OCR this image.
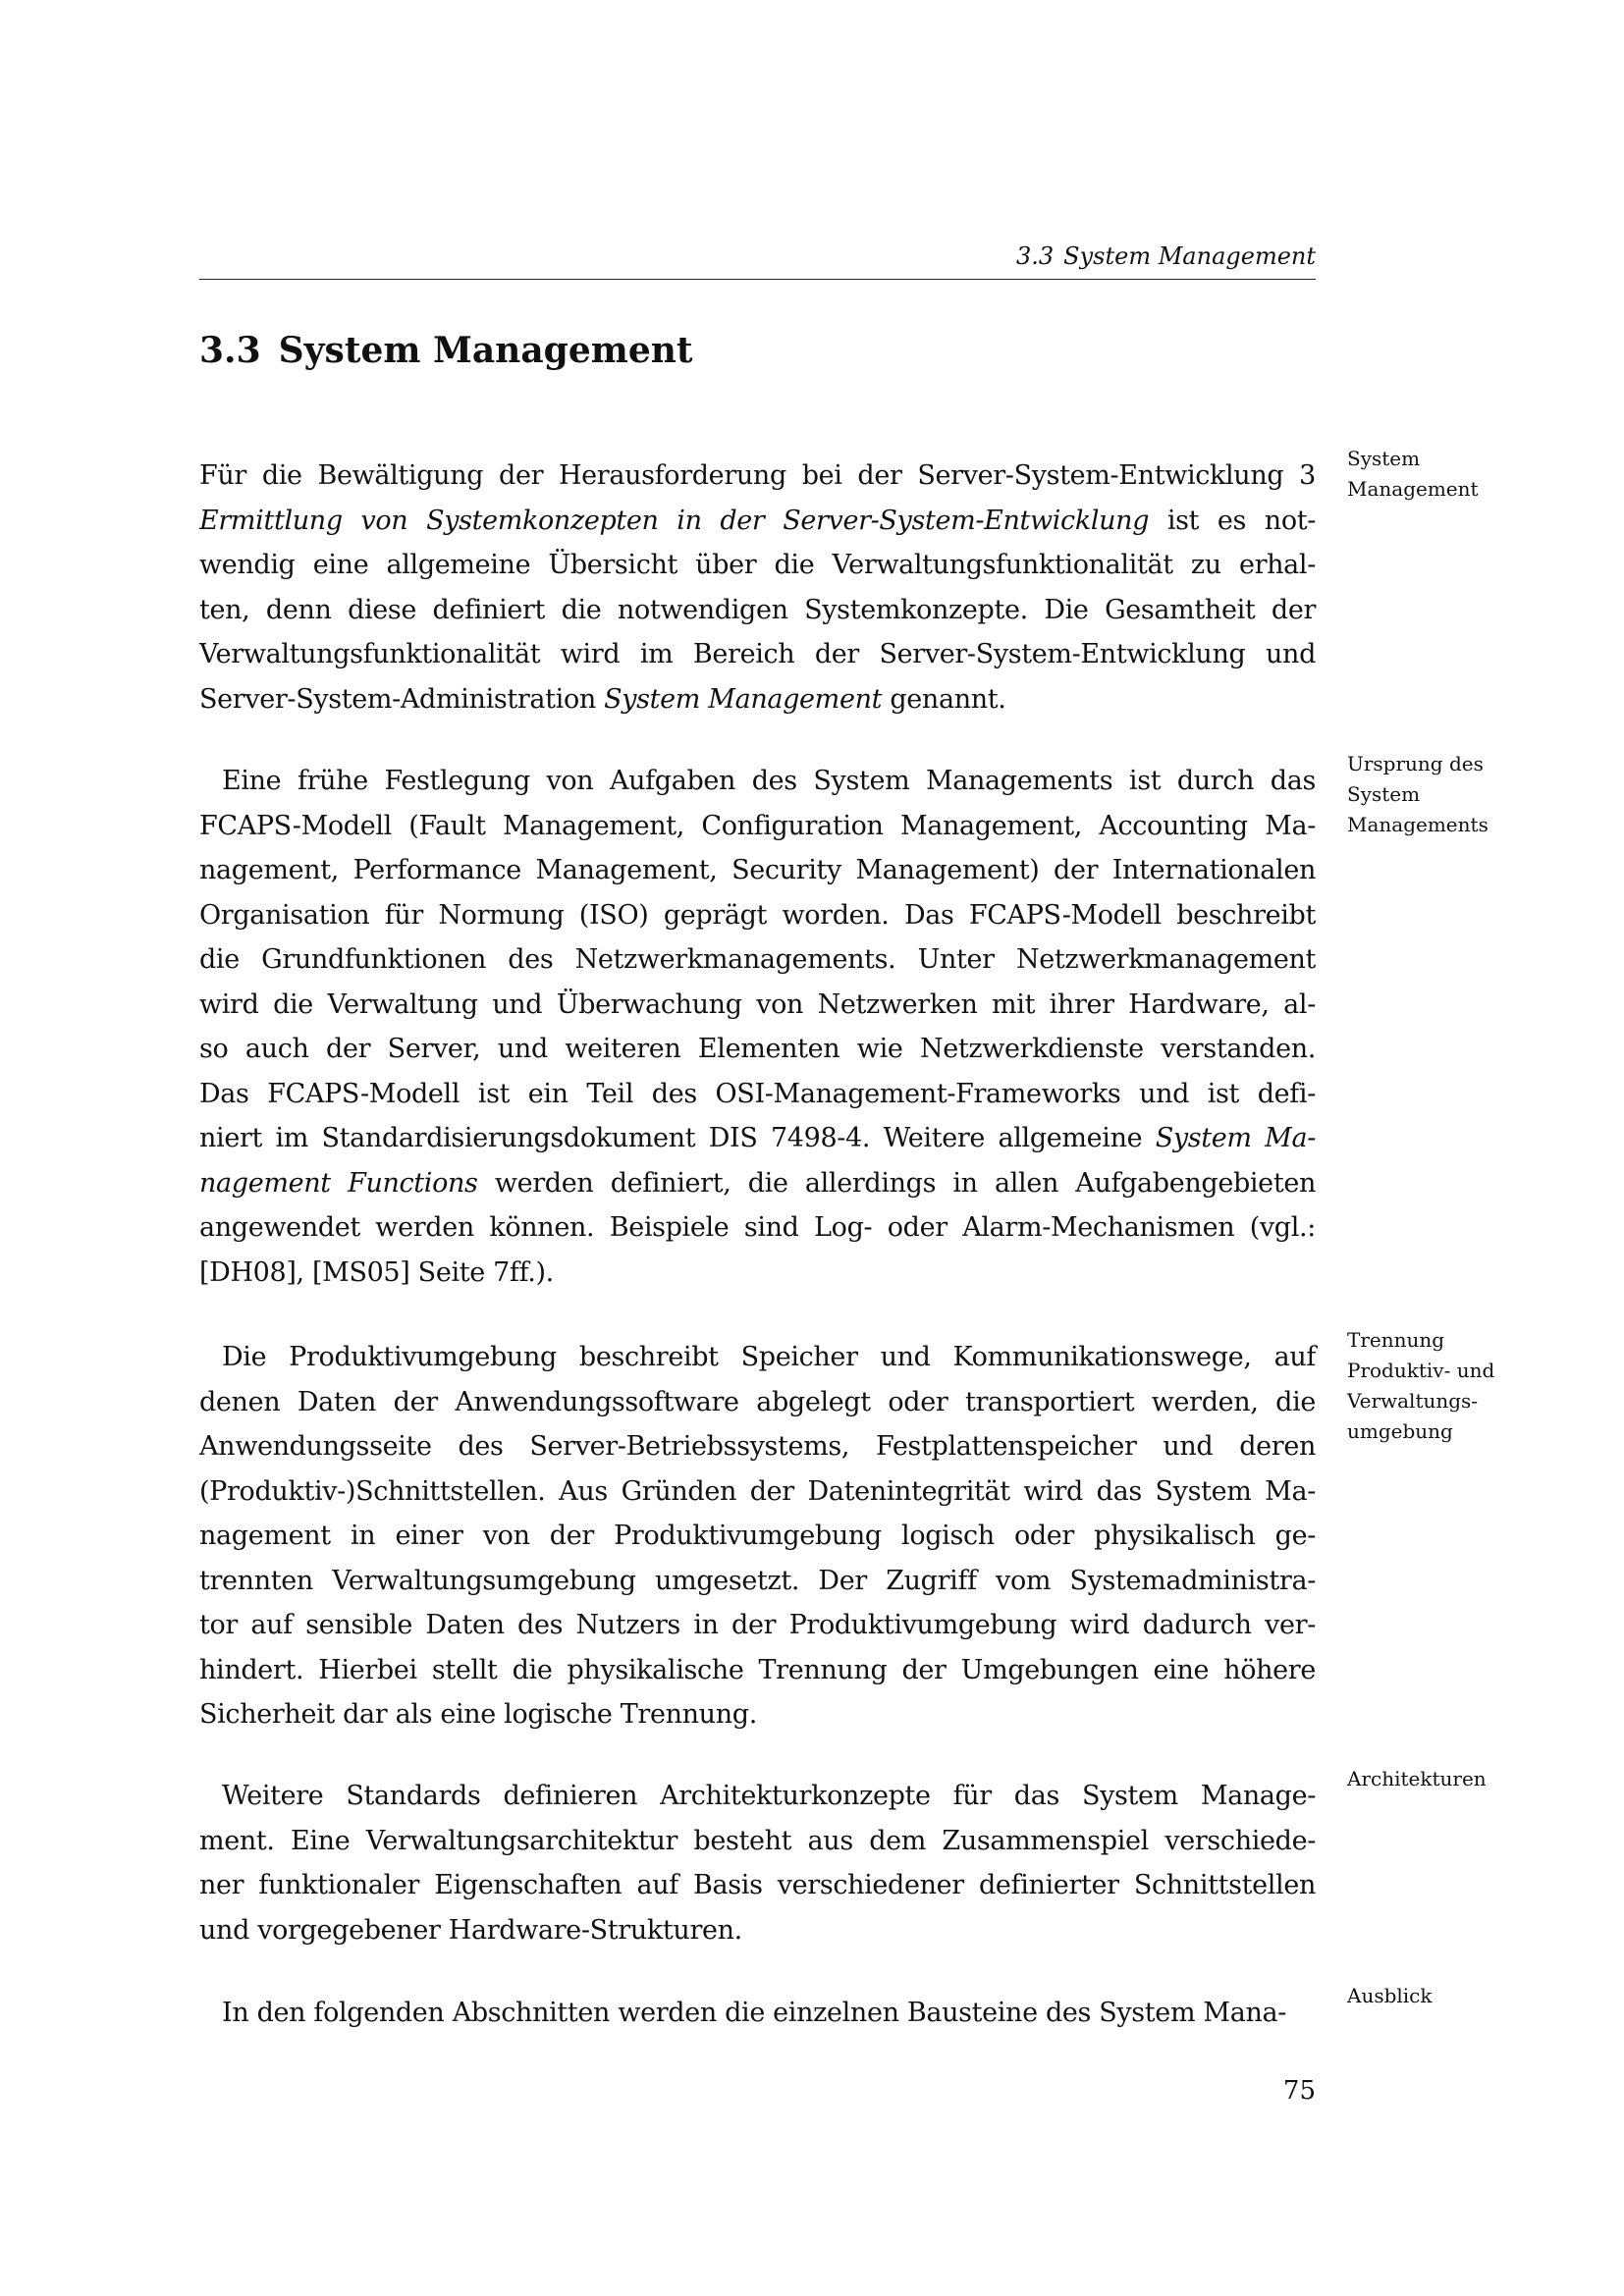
3.3 System Management
3.3 System Management
Für die Bewältigung der Herausforderung bei der Server-System-Entwicklung 3
Ermittlung von Systemkonzepten in der Server-System-Entwicklung ist es not-
wendig eine allgemeine Übersicht über die Verwaltungsfunktionalität zu erhal-
ten, denn diese definiert die notwendigen Systemkonzepte. Die Gesamtheit der
Verwaltungsfunktionalität wird im Bereich der Server-System-Entwicklung und
Server-System-Administration System Management genannt.
System
Management
Eine frühe Festlegung von Aufgaben des System Managements ist durch das
FCAPS-Modell (Fault Management, Configuration Management, Accounting Ma-
nagement, Performance Management, Security Management) der Internationalen
Organisation für Normung (ISO) geprägt worden. Das FCAPS-Modell beschreibt
die Grundfunktionen des Netzwerkmanagements. Unter Netzwerkmanagement
wird die Verwaltung und Überwachung von Netzwerken mit ihrer Hardware, al-
so auch der Server, und weiteren Elementen wie Netzwerkdienste verstanden.
Das FCAPS-Modell ist ein Teil des OSI-Management-Frameworks und ist defi-
niert im Standardisierungsdokument DIS 7498-4. Weitere allgemeine System Ma-
nagement Functions werden definiert, die allerdings in allen Aufgabengebieten
angewendet werden können. Beispiele sind Log- oder Alarm-Mechanismen (vgl.:
[DH08], [MS05] Seite 7ff.).
Ursprung des
System
Managements
Die Produktivumgebung beschreibt Speicher und Kommunikationswege, auf
denen Daten der Anwendungssoftware abgelegt oder transportiert werden, die
Anwendungsseite des Server-Betriebssystems, Festplattenspeicher und deren
(Produktiv-)Schnittstellen. Aus Gründen der Datenintegrität wird das System Ma-
nagement in einer von der Produktivumgebung logisch oder physikalisch ge-
trennten Verwaltungsumgebung umgesetzt. Der Zugriff vom Systemadministra-
tor auf sensible Daten des Nutzers in der Produktivumgebung wird dadurch ver-
hindert. Hierbei stellt die physikalische Trennung der Umgebungen eine höhere
Sicherheit dar als eine logische Trennung.
Trennung
Produktiv- und
Verwaltungs-
umgebung
Weitere Standards definieren Architekturkonzepte für das System Manage-
ment. Eine Verwaltungsarchitektur besteht aus dem Zusammenspiel verschiede-
ner funktionaler Eigenschaften auf Basis verschiedener definierter Schnittstellen
und vorgegebener Hardware-Strukturen.
Architekturen
In den folgenden Abschnitten werden die einzelnen Bausteine des System Mana-
Ausblick
75
